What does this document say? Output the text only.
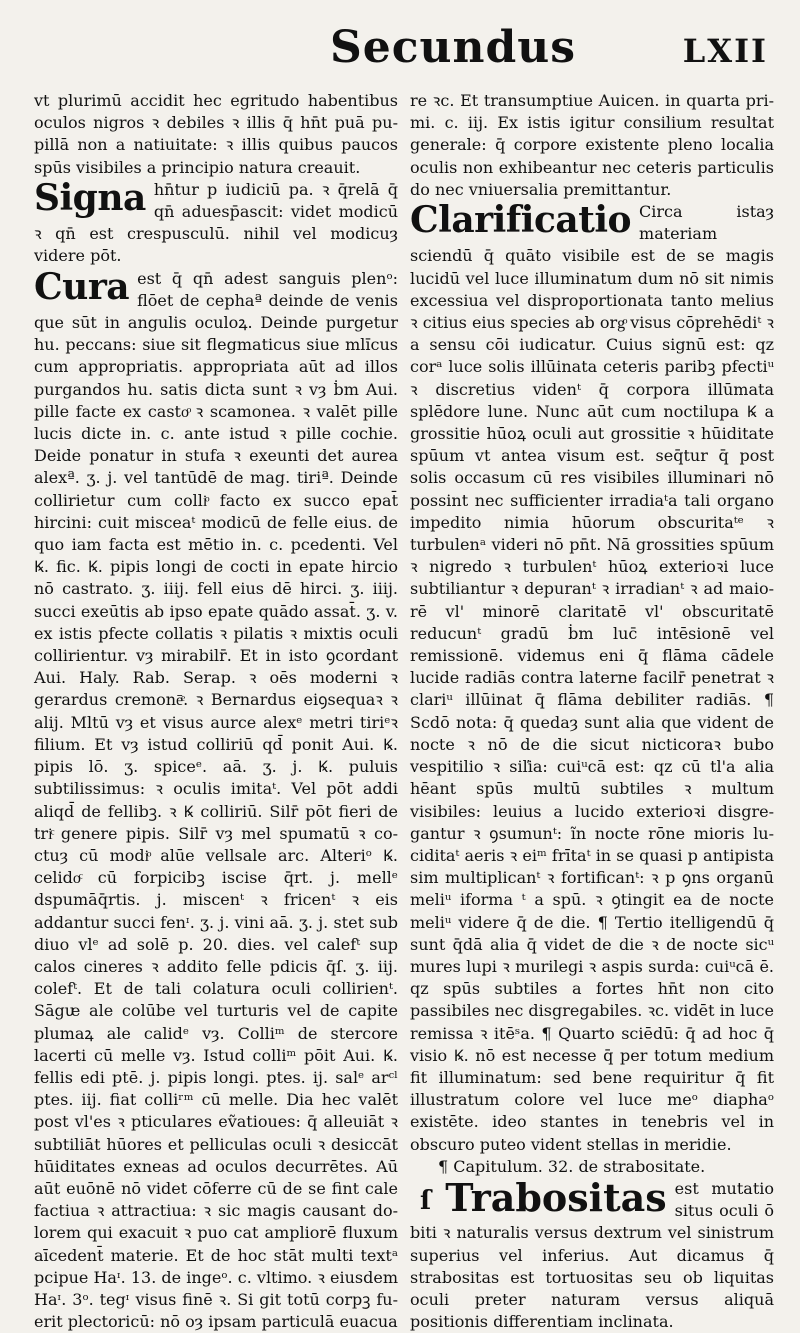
Secundus	LXII

vt plurimū accidit hec egritudo habentibus oculos nigros ꝛ debiles ꝛ illis q̄ hn̄t puā pupillā non a natiuitate: ꝛ illis quibus paucos spūs visibiles a principio natura creauit.

Signa hn̄tur p iudiciū pa. ꝛ q̄relā q̄ qn̄ aduesp̄ascit: videt modicū ꝛ qn̄ est crespusculū. nihil vel modicuȝ videre pōt.

Cura est q̄ qn̄ adest sanguis plenᵒ: flōet de cephaª deinde de venis que sūt in angulis oculoꝝ. Deinde purgetur hu. peccans: siue sit flegmaticus siue mlı̄cus cum appropriatis. appropriata aūt ad illos purgandos hu. satis dicta sunt ꝛ vȝ ḃm Aui. pille facte ex castoͦ ꝛ scamonea. ꝛ valēt pille lucis dicte in. c. ante istud ꝛ pille cochie. Deide ponatur in stufa ꝛ exeunti det aurea alexª. ʒ. j. vel tantūdē de mag. tiriª. Deinde collirietur cum colliͦ facto ex succo epat̄ hircini: cuit misceaᵗ modicū de felle eius. de quo iam facta est mētio in. c. pcedenti. Vel Ꝃ. fic. Ꝃ. pipis longi de cocti in epate hircio nō castrato. ʒ. iiij. fell eius dē hirci. ʒ. iiij. succi exeūtis ab ipso epate quādo assat̄. ʒ. v. ex istis pfecte collatis ꝛ pilatis ꝛ mixtis oculi collirientur. vȝ mirabilr̄. Et in isto ꝯcordant Aui. Haly. Rab. Serap. ꝛ oēs moderni ꝛ gerardus cremonēͤ. ꝛ Bernardus eiꝯsequaꝛ ꝛ alij. Mltū vȝ et visus aurce alexᵉ metri tiriᵉꝛ filium. Et vȝ istud colliriū qd̄ ponit Aui. Ꝃ. pipis lō. ʒ. spiceᵉ. aā. ʒ. j. Ꝃ. puluis subtilissimus: ꝛ oculis imitaᵗ. Vel pōt addi aliqd̄ de fellibꝫ. ꝛ Ꝃ colliriū. Silr̄ pōt fieri de triͨ genere pipis. Silr̄ vȝ mel spumatū ꝛ coctuȝ cū modiͦ alūe vellsale arc. Alteriᵒ Ꝃ. celidoͨ cū forpicibꝫ iscise q̄rt. j. mellᵉ dspumāq̄rtis. j. miscenᵗ ꝛ fricenᵗ ꝛ eis addantur succi fenᶦ. ʒ. j. vini aā. ʒ. j. stet sub diuo vlᵉ ad solē p. 20. dies. vel calefᵗ sup calos cineres ꝛ addito felle pdicis q̄ſ. ʒ. iij. colefᵗ. Et de tali colatura oculi collirienᵗ. Sāgᵫ ale colūbe vel turturis vel de capite plumaꝝ ale calidᵉ vȝ. Colliᵐ de stercore lacerti cū melle vȝ. Istud colliᵐ pōit Aui. Ꝃ. fellis edi ptē. j. pipis longi. ptes. ij. salᵉ arᶜˡ ptes. iij. fiat colliʳᵐ cū melle. Dia hec valēt post vl'es ꝛ pticulares eṽatioues: q̄ alleuiāt ꝛ subtiliāt hūores et pelliculas oculi ꝛ desiccāt hūiditates exneas ad oculos decurrētes. Aū aūt euōnē nō videt cōferre cū de se fint cale factiua ꝛ attractiua: ꝛ sic magis causant dolorem qui exacuit ꝛ puo cat ampliorē fluxum aīcedent̄ materie. Et de hoc stāt multi textᵃ pcipue Haᶦ. 13. de ingeᵒ. c. vltimo. ꝛ eiusdem Haᶦ. 3ᵒ. tegᶦ visus finē ꝛ. Si git totū corpꝫ fuerit plectoricū: nō oȝ ipsam particulā euacua

re ꝛc. Et transumptiue Auicen. in quarta primi. c. iij. Ex istis igitur consilium resultat generale: q̄ corpore existente pleno localia oculis non exhibeantur nec ceteris particulis do nec vniuersalia premittantur.

Clarificatio Circa istaȝ materiam sciendū q̄ quāto visibile est de se magis lucidū vel luce illuminatum dum nō sit nimis excessiua vel disproportionata tanto melius ꝛ citius eius species ab orgͦ visus cōprehēdiᵗ ꝛ a sensu cōi iudicatur. Cuius signū est: qz corᵃ luce solis illūinata ceteris paribꝫ pfectiᵘ ꝛ discretius videnᵗ q̄ corpora illūmata splēdore lune. Nunc aūt cum noctilupa Ꝃ a grossitie hūoꝝ oculi aut grossitie ꝛ hūiditate spūum vt antea visum est. seq̄tur q̄ post solis occasum cū res visibiles illuminari nō possint nec sufficienter irradiaᵗa tali organo impedito nimia hūorum obscuritaᵗᵉ ꝛ turbulenᵃ videri nō pn̄t. Nā grossities spūum ꝛ nigredo ꝛ turbulenᵗ hūoꝝ exterioꝛi luce subtiliantur ꝛ depuranᵗ ꝛ irradianᵗ ꝛ ad maiorē vl' minorē claritatē vl' obscuritatē reducunᵗ gradū ḃm luc̄ intēsionē vel remissionē. videmus eni q̄ flāma cādele lucide radiās contra laterne facilr̄ penetrat ꝛ clariᵘ illūinat q̄ flāma debiliter radiās. ¶ Scdō nota: q̄ quedaȝ sunt alia que vident de nocte ꝛ nō de die sicut nicticoraꝛ bubo vespitilio ꝛ siľia: cuiᵘcā est: qz cū tl'a alia hēant spūs multū subtiles ꝛ multum visibiles: leuius a lucido exterioꝛi disgregantur ꝛ ꝯsumunᵗ: ĩn nocte rōne mioris luciditaᵗ aeris ꝛ eiᵐ frītaᵗ in se quasi p antipista sim multiplicanᵗ ꝛ fortificanᵗ: ꝛ p ꝯns organū meliᵘ iforma ᵗ a spū. ꝛ ꝯtingit ea de nocte meliᵘ videre q̄ de die. ¶ Tertio itelligendū q̄ sunt q̄dā alia q̄ videt de die ꝛ de nocte sicᵘ mures lupi ꝛ murilegi ꝛ aspis surda: cuiᵘcā ē. qz spūs subtiles a fortes hn̄t non cito passibiles nec disgregabiles. ꝛc. vidēt in luce remissa ꝛ itēˢa. ¶ Quarto sciēdū: q̄ ad hoc q̄ visio Ꝃ. nō est necesse q̄ per totum medium fit illuminatum: sed bene requiritur q̄ fit illustratum colore vel luce meᵒ diaphaᵒ existēte. ideo stantes in tenebris vel in obscuro puteo vident stellas in meridie.

¶ Capitulum. 32. de strabositate.

ſ Trabositas est mutatio situs oculi ō biti ꝛ naturalis versus dextrum vel sinistrum superius vel inferius. Aut dicamus q̄ strabositas est tortuositas seu ob liquitas oculi preter naturam versus aliquā positionis differentiam inclinata.
